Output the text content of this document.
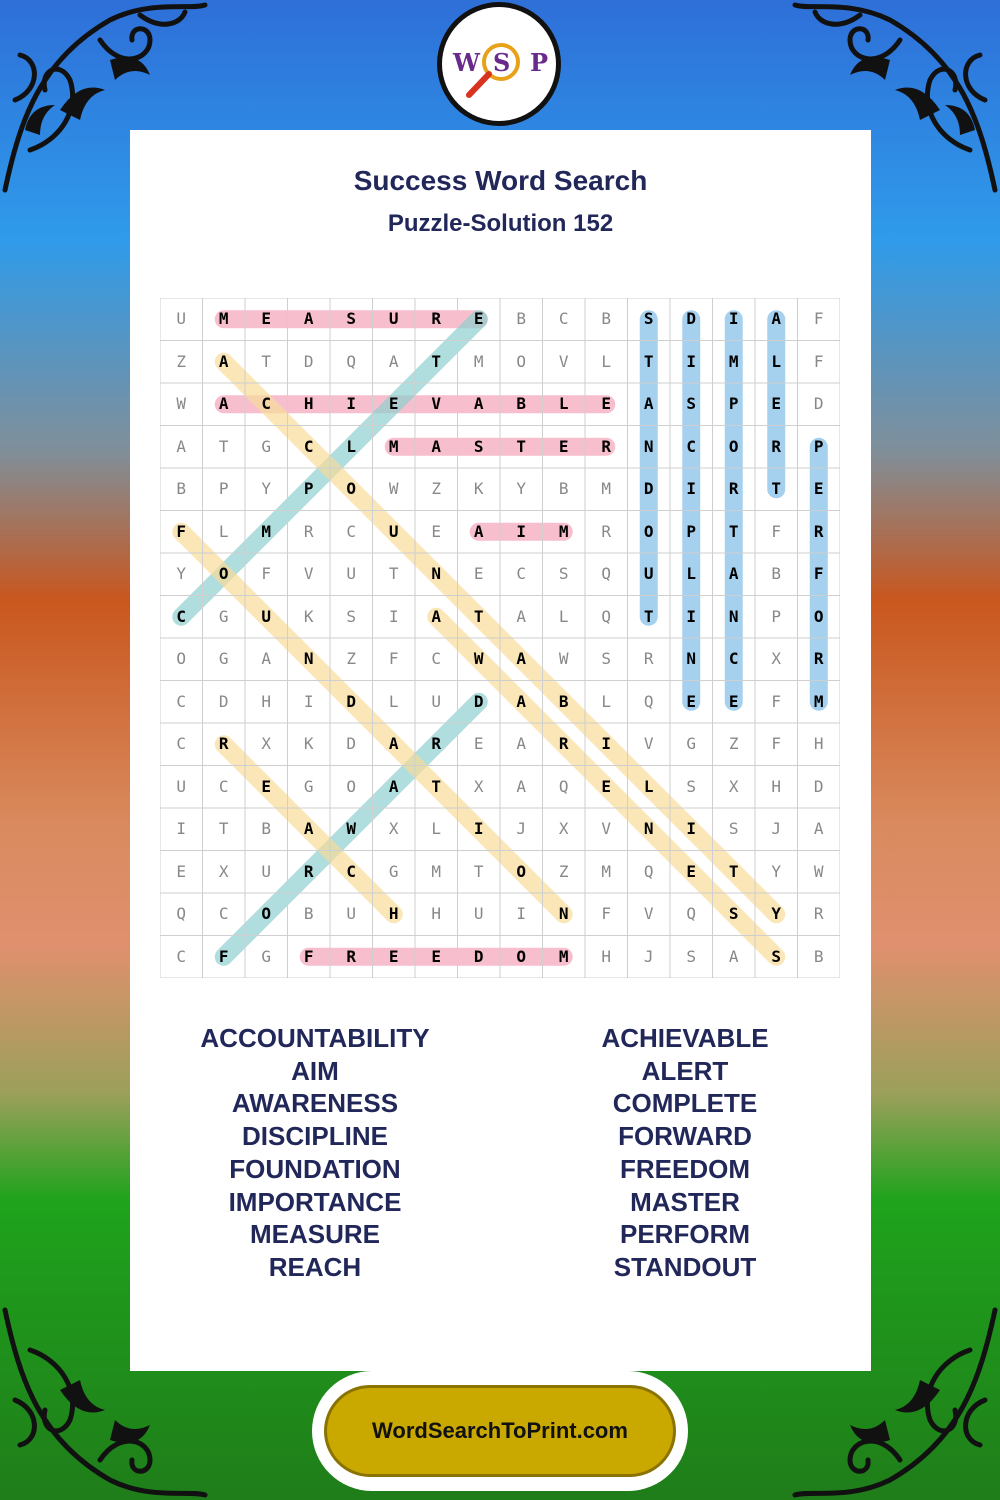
W S P
Success Word Search
Puzzle-Solution 152
U	M	E	A	S	U	R	E	B	C	B	S	D	I	A	F
Z	A	T	D	Q	A	T	M	O	V	L	T	I	M	L	F
W	A	C	H	I	E	V	A	B	L	E	A	S	P	E	D
A	T	G	C	L	M	A	S	T	E	R	N	C	O	R	P
B	P	Y	P	O	W	Z	K	Y	B	M	D	I	R	T	E
F	L	M	R	C	U	E	A	I	M	R	O	P	T	F	R
Y	O	F	V	U	T	N	E	C	S	Q	U	L	A	B	F
C	G	U	K	S	I	A	T	A	L	Q	T	I	N	P	O
O	G	A	N	Z	F	C	W	A	W	S	R	N	C	X	R
C	D	H	I	D	L	U	D	A	B	L	Q	E	E	F	M
C	R	X	K	D	A	R	E	A	R	I	V	G	Z	F	H
U	C	E	G	O	A	T	X	A	Q	E	L	S	X	H	D
I	T	B	A	W	X	L	I	J	X	V	N	I	S	J	A
E	X	U	R	C	G	M	T	O	Z	M	Q	E	T	Y	W
Q	C	O	B	U	H	H	U	I	N	F	V	Q	S	Y	R
C	F	G	F	R	E	E	D	O	M	H	J	S	A	S	B
ACCOUNTABILITY
AIM
AWARENESS
DISCIPLINE
FOUNDATION
IMPORTANCE
MEASURE
REACH
ACHIEVABLE
ALERT
COMPLETE
FORWARD
FREEDOM
MASTER
PERFORM
STANDOUT
WordSearchToPrint.com
